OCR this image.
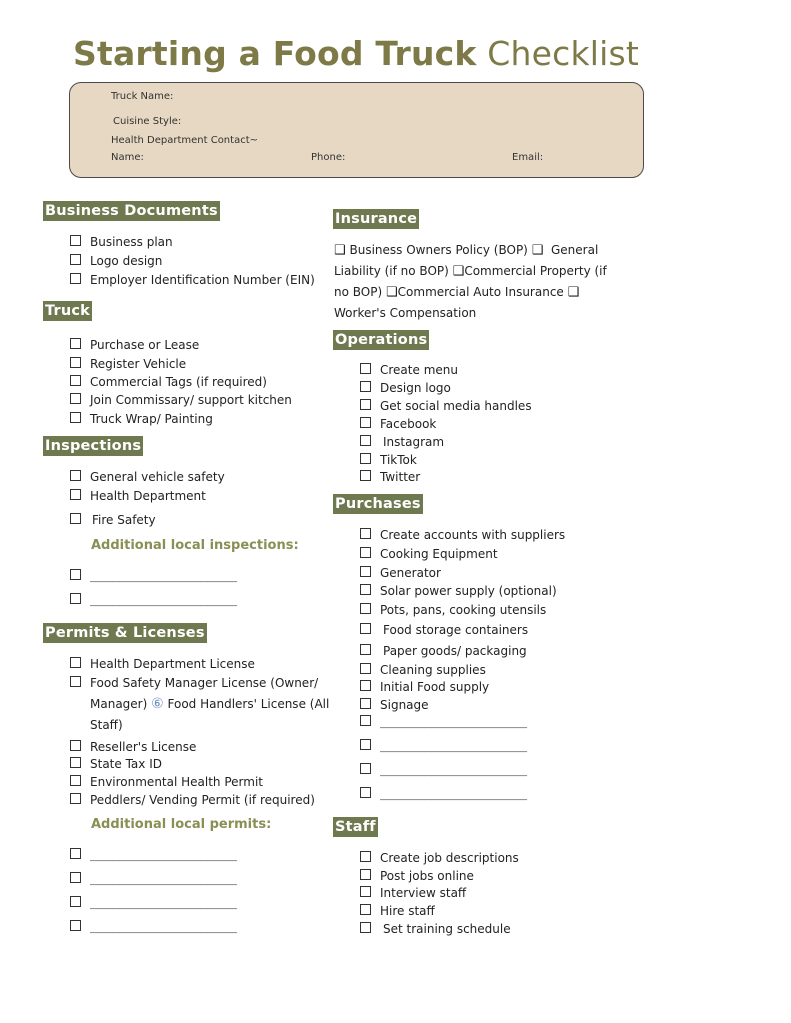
Starting a Food Truck Checklist
Truck Name:
Cuisine Style:
Health Department Contact~
Name:	Phone:	Email:
Business Documents
Business plan
Logo design
Employer Identification Number (EIN)
Truck
Purchase or Lease
Register Vehicle
Commercial Tags (if required)
Join Commissary/ support kitchen
Truck Wrap/ Painting
Inspections
General vehicle safety
Health Department
Fire Safety
Additional local inspections:
____________________
____________________
Permits & Licenses
Health Department License
Food Safety Manager License (Owner/
Manager) ⑥ Food Handlers' License (All
Staff)
Reseller's License
State Tax ID
Environmental Health Permit
Peddlers/ Vending Permit (if required)
Additional local permits:
____________________
____________________
____________________
____________________
Insurance

❑ Business Owners Policy (BOP) ❑ General Liability (if no BOP) ❑Commercial Property (if no BOP) ❑Commercial Auto Insurance ❑  Worker's Compensation

Operations
Create menu
Design logo
Get social media handles
Facebook
Instagram
TikTok
Twitter
Purchases
Create accounts with suppliers
Cooking Equipment
Generator
Solar power supply (optional)
Pots, pans, cooking utensils
Food storage containers
Paper goods/ packaging
Cleaning supplies
Initial Food supply
Signage
____________________
____________________
____________________
____________________
Staff
Create job descriptions
Post jobs online
Interview staff
Hire staff
Set training schedule
